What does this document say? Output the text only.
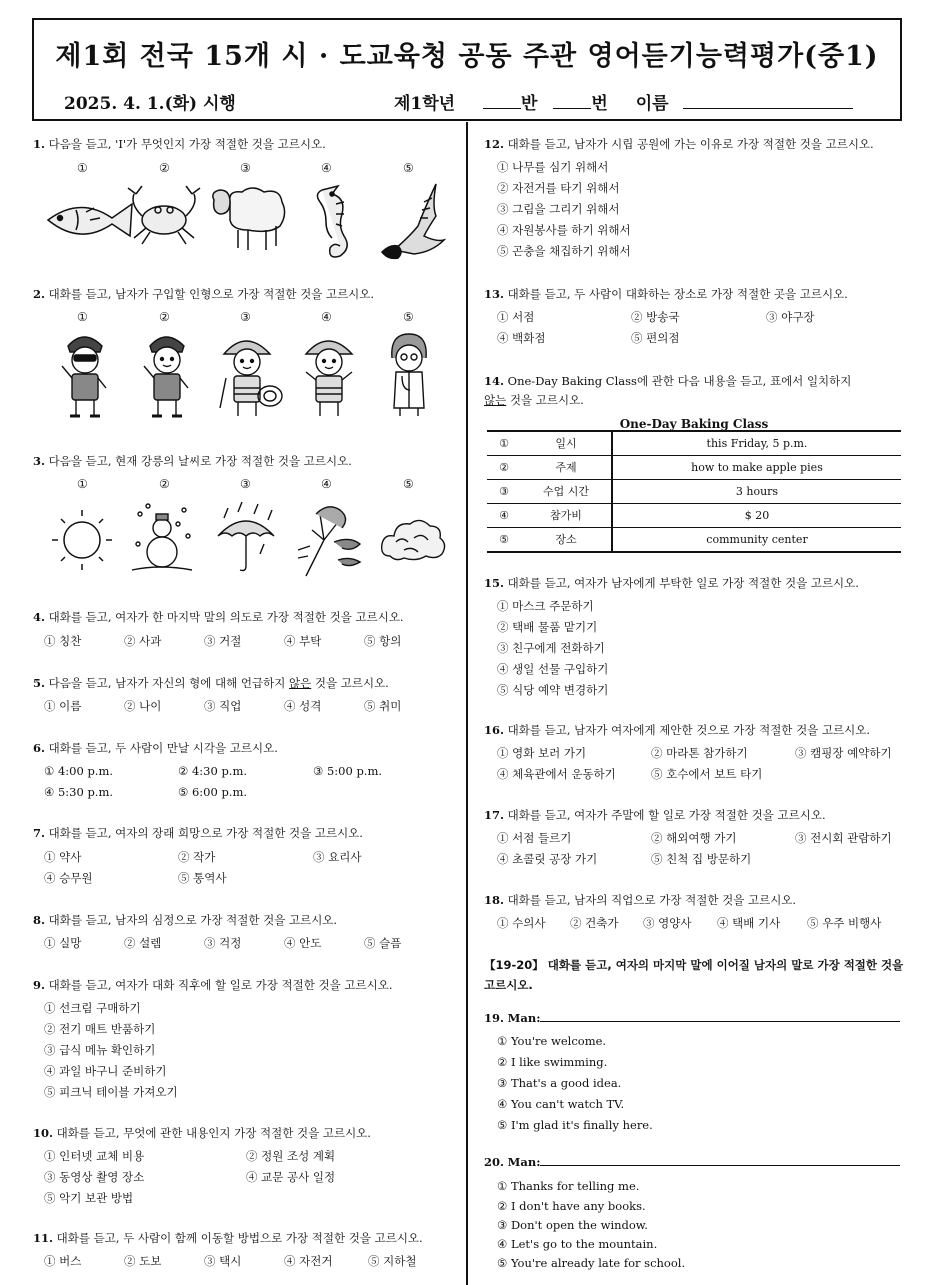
제1회 전국 15개 시 · 도교육청 공동 주관 영어듣기능력평가(중1)
2025. 4. 1.(화) 시행	제1학년	반	번 이름
1. 다음을 듣고, 'I'가 무엇인지 가장 적절한 것을 고르시오.
①	②	③	④	⑤
2. 대화를 듣고, 남자가 구입할 인형으로 가장 적절한 것을 고르시오.
①	②	③	④	⑤
3. 다음을 듣고, 현재 강릉의 날씨로 가장 적절한 것을 고르시오.
①	②	③	④	⑤
4. 대화를 듣고, 여자가 한 마지막 말의 의도로 가장 적절한 것을 고르시오.
① 칭찬	② 사과	③ 거절	④ 부탁	⑤ 항의
5. 다음을 듣고, 남자가 자신의 형에 대해 언급하지 않은 것을 고르시오.
① 이름	② 나이	③ 직업	④ 성격	⑤ 취미
6. 대화를 듣고, 두 사람이 만날 시각을 고르시오.
① 4:00 p.m.	② 4:30 p.m.	③ 5:00 p.m.
④ 5:30 p.m.	⑤ 6:00 p.m.
7. 대화를 듣고, 여자의 장래 희망으로 가장 적절한 것을 고르시오.
① 약사	② 작가	③ 요리사
④ 승무원	⑤ 통역사
8. 대화를 듣고, 남자의 심정으로 가장 적절한 것을 고르시오.
① 실망	② 설렘	③ 걱정	④ 안도	⑤ 슬픔
9. 대화를 듣고, 여자가 대화 직후에 할 일로 가장 적절한 것을 고르시오.
① 선크림 구매하기
② 전기 매트 반품하기
③ 급식 메뉴 확인하기
④ 과일 바구니 준비하기
⑤ 피크닉 테이블 가져오기
10. 대화를 듣고, 무엇에 관한 내용인지 가장 적절한 것을 고르시오.
① 인터넷 교체 비용	② 정원 조성 계획
③ 동영상 촬영 장소	④ 교문 공사 일정
⑤ 악기 보관 방법
11. 대화를 듣고, 두 사람이 함께 이동할 방법으로 가장 적절한 것을 고르시오.
① 버스	② 도보	③ 택시	④ 자전거	⑤ 지하철
12. 대화를 듣고, 남자가 시립 공원에 가는 이유로 가장 적절한 것을 고르시오.
① 나무를 심기 위해서
② 자전거를 타기 위해서
③ 그림을 그리기 위해서
④ 자원봉사를 하기 위해서
⑤ 곤충을 채집하기 위해서
13. 대화를 듣고, 두 사람이 대화하는 장소로 가장 적절한 곳을 고르시오.
① 서점	② 방송국	③ 야구장
④ 백화점	⑤ 편의점
14. One-Day Baking Class에 관한 다음 내용을 듣고, 표에서 일치하지
않는 것을 고르시오.
One-Day Baking Class
①	일시	this Friday, 5 p.m.
②	주제	how to make apple pies
③	수업 시간	3 hours
④	참가비	$ 20
⑤	장소	community center
15. 대화를 듣고, 여자가 남자에게 부탁한 일로 가장 적절한 것을 고르시오.
① 마스크 주문하기
② 택배 물품 맡기기
③ 친구에게 전화하기
④ 생일 선물 구입하기
⑤ 식당 예약 변경하기
16. 대화를 듣고, 남자가 여자에게 제안한 것으로 가장 적절한 것을 고르시오.
① 영화 보러 가기	② 마라톤 참가하기	③ 캠핑장 예약하기
④ 체육관에서 운동하기	⑤ 호수에서 보트 타기
17. 대화를 듣고, 여자가 주말에 할 일로 가장 적절한 것을 고르시오.
① 서점 들르기	② 해외여행 가기	③ 전시회 관람하기
④ 초콜릿 공장 가기	⑤ 친척 집 방문하기
18. 대화를 듣고, 남자의 직업으로 가장 적절한 것을 고르시오.
① 수의사 ② 건축가 ③ 영양사 ④ 택배 기사 ⑤ 우주 비행사
【19-20】 대화를 듣고, 여자의 마지막 말에 이어질 남자의 말로 가장 적절한 것을
고르시오.
19. Man:
① You're welcome.
② I like swimming.
③ That's a good idea.
④ You can't watch TV.
⑤ I'm glad it's finally here.
20. Man:
① Thanks for telling me.
② I don't have any books.
③ Don't open the window.
④ Let's go to the mountain.
⑤ You're already late for school.
